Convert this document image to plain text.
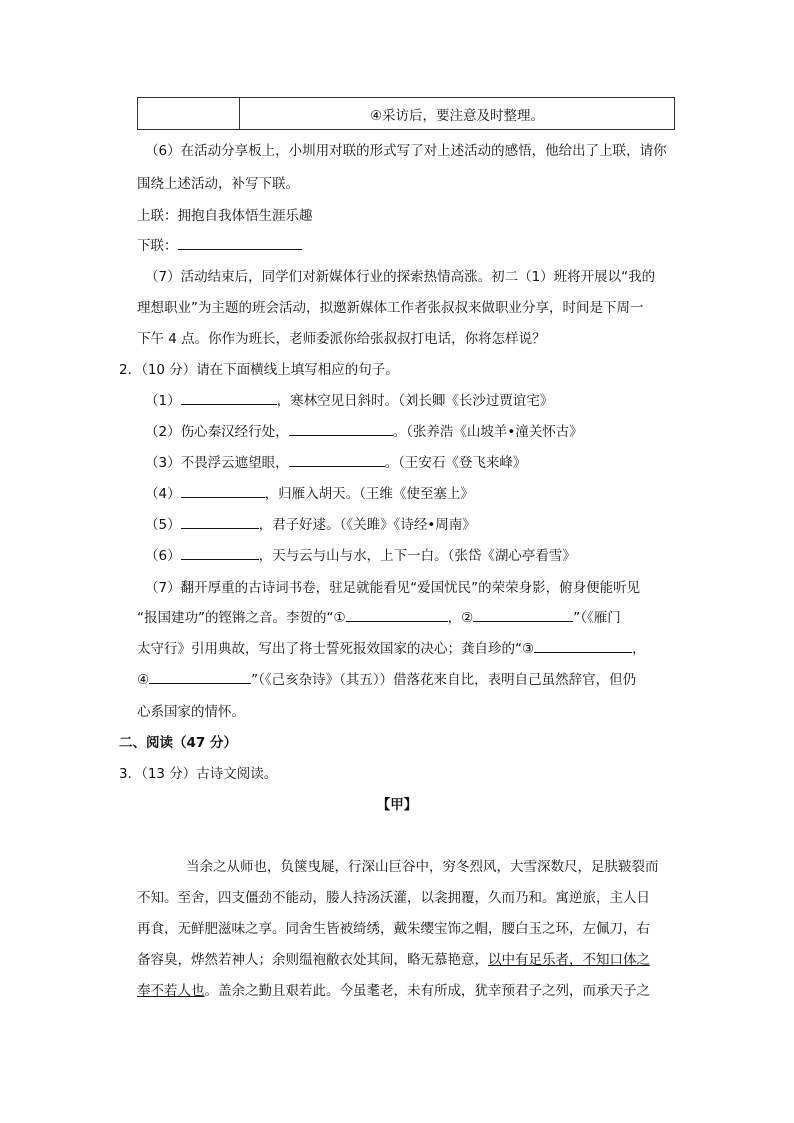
④采访后，要注意及时整理。
（6）在活动分享板上，小圳用对联的形式写了对上述活动的感悟，他给出了上联，请你
围绕上述活动，补写下联。
上联：拥抱自我体悟生涯乐趣
下联：
（7）活动结束后，同学们对新媒体行业的探索热情高涨。初二（1）班将开展以“我的
理想职业”为主题的班会活动，拟邀新媒体工作者张叔叔来做职业分享，时间是下周一
下午 4 点。你作为班长，老师委派你给张叔叔打电话，你将怎样说？
2．（10 分）请在下面横线上填写相应的句子。
（1）	，寒林空见日斜时。（刘长卿《长沙过贾谊宅》
（2）伤心秦汉经行处，	。（张养浩《山坡羊•潼关怀古》
（3）不畏浮云遮望眼，	。（王安石《登飞来峰》
（4）	，归雁入胡天。（王维《使至塞上》
（5）	，君子好逑。（《关雎》《诗经•周南》
（6）	，天与云与山与水，上下一白。（张岱《湖心亭看雪》
（7）翻开厚重的古诗词书卷，驻足就能看见“爱国忧民”的荣荣身影，俯身便能听见
“报国建功”的铿锵之音。李贺的“①	，②	”（《雁门
太守行》引用典故，写出了将士誓死报效国家的决心；龚自珍的“③	，
④	”（《己亥杂诗》（其五））借落花来自比，表明自己虽然辞官，但仍
心系国家的情怀。
二、阅读（47 分）
3．（13 分）古诗文阅读。
【甲】
当余之从师也，负箧曳屣，行深山巨谷中，穷冬烈风，大雪深数尺，足肤皲裂而
不知。至舍，四支僵劲不能动，媵人持汤沃灌，以衾拥覆，久而乃和。寓逆旅，主人日
再食，无鲜肥滋味之享。同舍生皆被绮绣，戴朱缨宝饰之帽，腰白玉之环，左佩刀，右
备容臭，烨然若神人；余则缊袍敝衣处其间，略无慕艳意，以中有足乐者，不知口体之
奉不若人也。盖余之勤且艰若此。今虽耄老，未有所成，犹幸预君子之列，而承天子之
